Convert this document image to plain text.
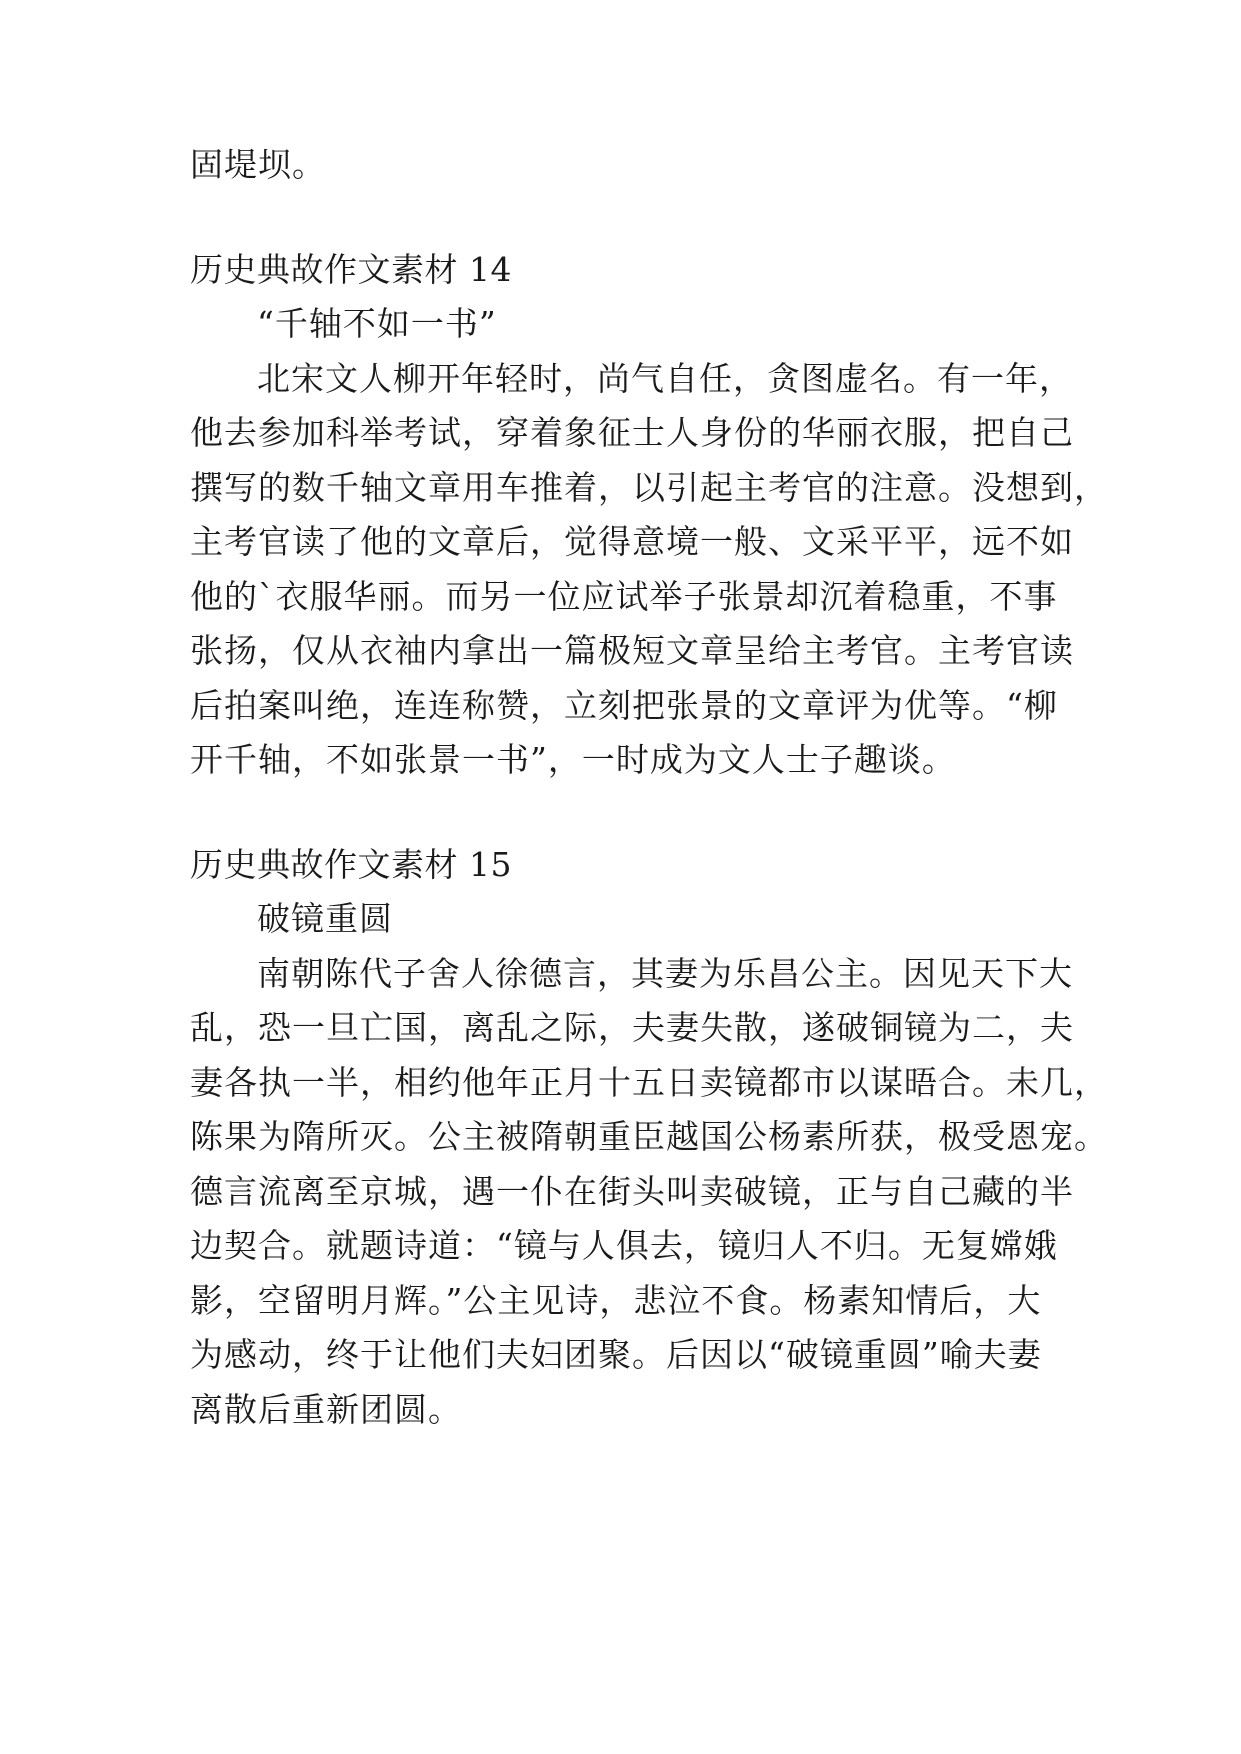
固堤坝。
历史典故作文素材 14
“千轴不如一书”
北宋文人柳开年轻时，尚气自任，贪图虚名。有一年，
他去参加科举考试，穿着象征士人身份的华丽衣服，把自己
撰写的数千轴文章用车推着，以引起主考官的注意。没想到，
主考官读了他的文章后，觉得意境一般、文采平平，远不如
他的`衣服华丽。而另一位应试举子张景却沉着稳重，不事
张扬，仅从衣袖内拿出一篇极短文章呈给主考官。主考官读
后拍案叫绝，连连称赞，立刻把张景的文章评为优等。“柳
开千轴，不如张景一书”，一时成为文人士子趣谈。
历史典故作文素材 15
破镜重圆
南朝陈代子舍人徐德言，其妻为乐昌公主。因见天下大
乱，恐一旦亡国，离乱之际，夫妻失散，遂破铜镜为二，夫
妻各执一半，相约他年正月十五日卖镜都市以谋晤合。未几，
陈果为隋所灭。公主被隋朝重臣越国公杨素所获，极受恩宠。
德言流离至京城，遇一仆在街头叫卖破镜，正与自己藏的半
边契合。就题诗道：“镜与人俱去，镜归人不归。无复嫦娥
影，空留明月辉。”公主见诗，悲泣不食。杨素知情后，大
为感动，终于让他们夫妇团聚。后因以“破镜重圆”喻夫妻
离散后重新团圆。
